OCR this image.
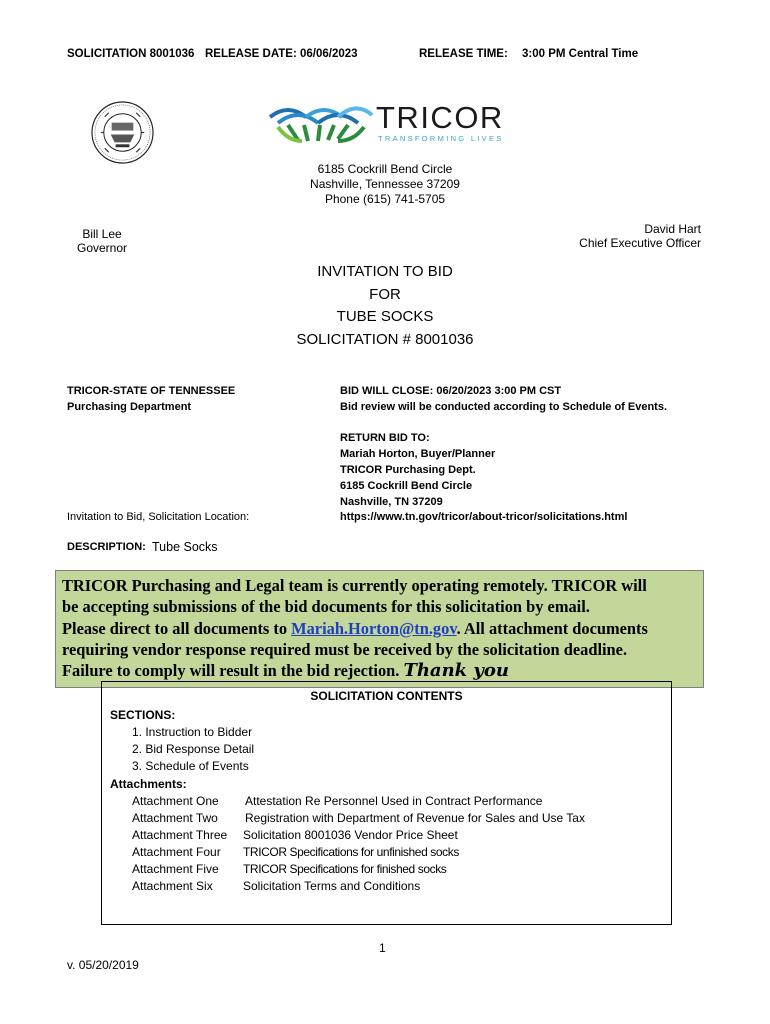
SOLICITATION 8001036 RELEASE DATE: 06/06/2023	RELEASE TIME: 3:00 PM Central Time
TRICOR
TRANSFORMING LIVES
6185 Cockrill Bend Circle
Nashville, Tennessee 37209
Phone (615) 741-5705
Bill Lee
Governor
David Hart
Chief Executive Officer
INVITATION TO BID
FOR
TUBE SOCKS
SOLICITATION # 8001036
TRICOR-STATE OF TENNESSEE
Purchasing Department
Invitation to Bid, Solicitation Location:
BID WILL CLOSE: 06/20/2023 3:00 PM CST
Bid review will be conducted according to Schedule of Events.
RETURN BID TO:
Mariah Horton, Buyer/Planner
TRICOR Purchasing Dept.
6185 Cockrill Bend Circle
Nashville, TN 37209
https://www.tn.gov/tricor/about-tricor/solicitations.html
DESCRIPTION: Tube Socks
TRICOR Purchasing and Legal team is currently operating remotely. TRICOR will
be accepting submissions of the bid documents for this solicitation by email.
Please direct to all documents to Mariah.Horton@tn.gov. All attachment documents
requiring vendor response required must be received by the solicitation deadline.
Failure to comply will result in the bid rejection. Thank you
SOLICITATION CONTENTS
SECTIONS:
1. Instruction to Bidder
2. Bid Response Detail
3. Schedule of Events
Attachments:
Attachment One Attestation Re Personnel Used in Contract Performance
Attachment Two Registration with Department of Revenue for Sales and Use Tax
Attachment Three Solicitation 8001036 Vendor Price Sheet
Attachment Four TRICOR Specifications for unfinished socks
Attachment Five TRICOR Specifications for finished socks
Attachment Six	Solicitation Terms and Conditions
1
v. 05/20/2019
